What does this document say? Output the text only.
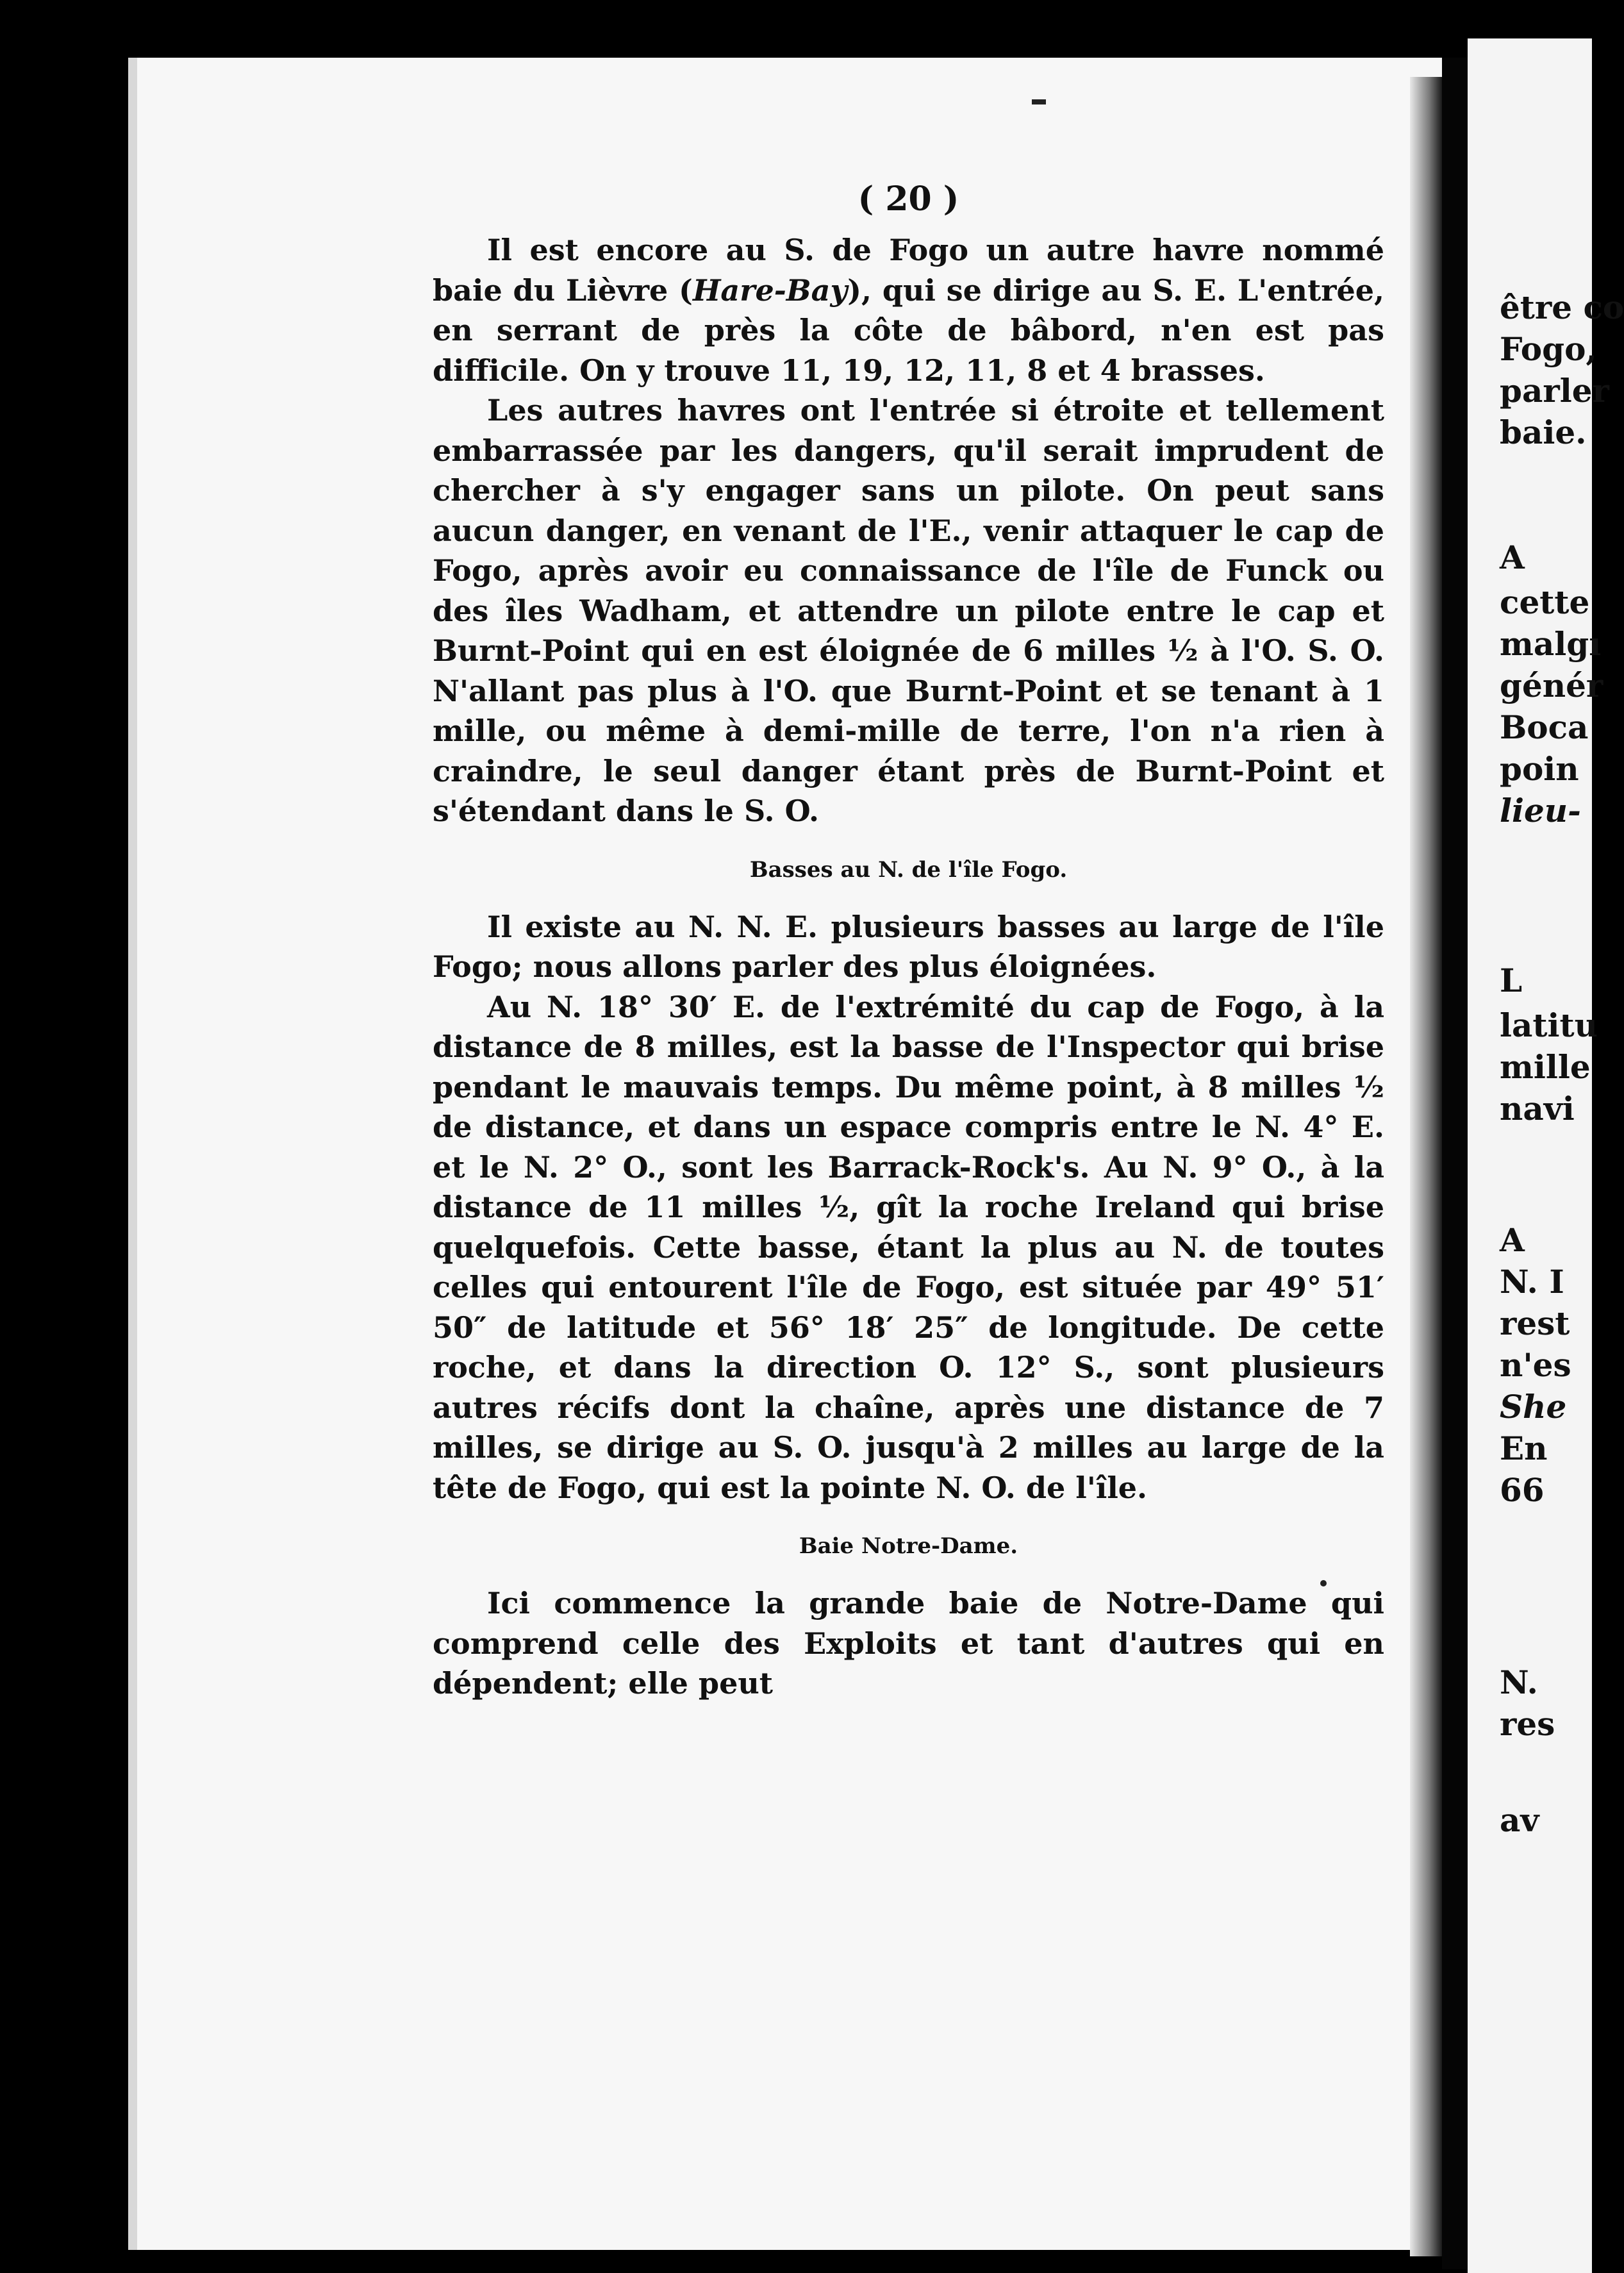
( 20 )

Il est encore au S. de Fogo un autre havre nommé baie du Lièvre (Hare-Bay), qui se dirige au S. E. L'entrée, en serrant de près la côte de bâbord, n'en est pas difficile. On y trouve 11, 19, 12, 11, 8 et 4 brasses.

Les autres havres ont l'entrée si étroite et tellement embarrassée par les dangers, qu'il serait imprudent de chercher à s'y engager sans un pilote. On peut sans aucun danger, en venant de l'E., venir attaquer le cap de Fogo, après avoir eu connaissance de l'île de Funck ou des îles Wadham, et attendre un pilote entre le cap et Burnt-Point qui en est éloignée de 6 milles ½ à l'O. S. O. N'allant pas plus à l'O. que Burnt-Point et se tenant à 1 mille, ou même à demi-mille de terre, l'on n'a rien à craindre, le seul danger étant près de Burnt-Point et s'étendant dans le S. O.

Basses au N. de l'île Fogo.

Il existe au N. N. E. plusieurs basses au large de l'île Fogo; nous allons parler des plus éloignées.

Au N. 18° 30′ E. de l'extrémité du cap de Fogo, à la distance de 8 milles, est la basse de l'Inspector qui brise pendant le mauvais temps. Du même point, à 8 milles ½ de distance, et dans un espace compris entre le N. 4° E. et le N. 2° O., sont les Barrack-Rock's. Au N. 9° O., à la distance de 11 milles ½, gît la roche Ireland qui brise quelquefois. Cette basse, étant la plus au N. de toutes celles qui entourent l'île de Fogo, est située par 49° 51′ 50″ de latitude et 56° 18′ 25″ de longitude. De cette roche, et dans la direction O. 12° S., sont plusieurs autres récifs dont la chaîne, après une distance de 7 milles, se dirige au S. O. jusqu'à 2 milles au large de la tête de Fogo, qui est la pointe N. O. de l'île.

Baie Notre-Dame.

Ici commence la grande baie de Notre-Dame qui comprend celle des Exploits et tant d'autres qui en dépendent; elle peut

être co
Fogo,
parler
baie.
A
cette
malgı
génér
Boca
poin
lieu-
L
latitu
mille
navi
A
N. I
rest
n'es
She
En
66
N.
res
av
